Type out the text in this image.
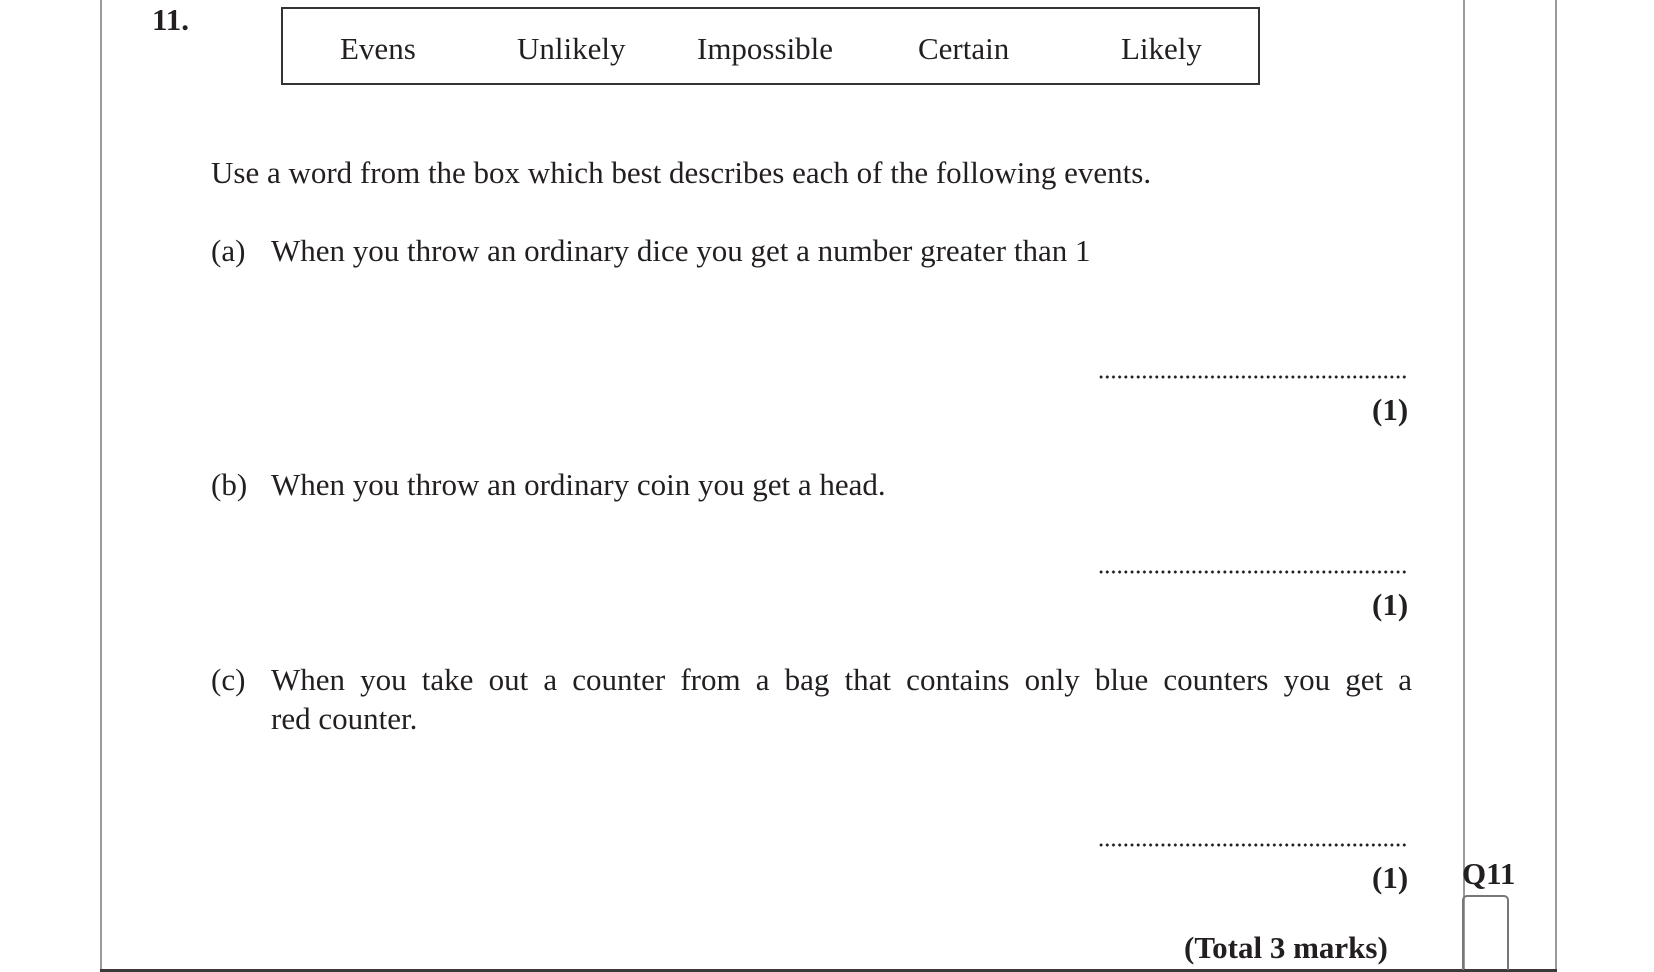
11.
Evens	Unlikely Impossible	Certain	Likely
Use a word from the box which best describes each of the following events.
(a) When you throw an ordinary dice you get a number greater than 1
(1)
(b) When you throw an ordinary coin you get a head.
(1)
(c) When you take out a counter from a bag that contains only blue counters you get a
red counter.
(1) Q11
(Total 3 marks)
